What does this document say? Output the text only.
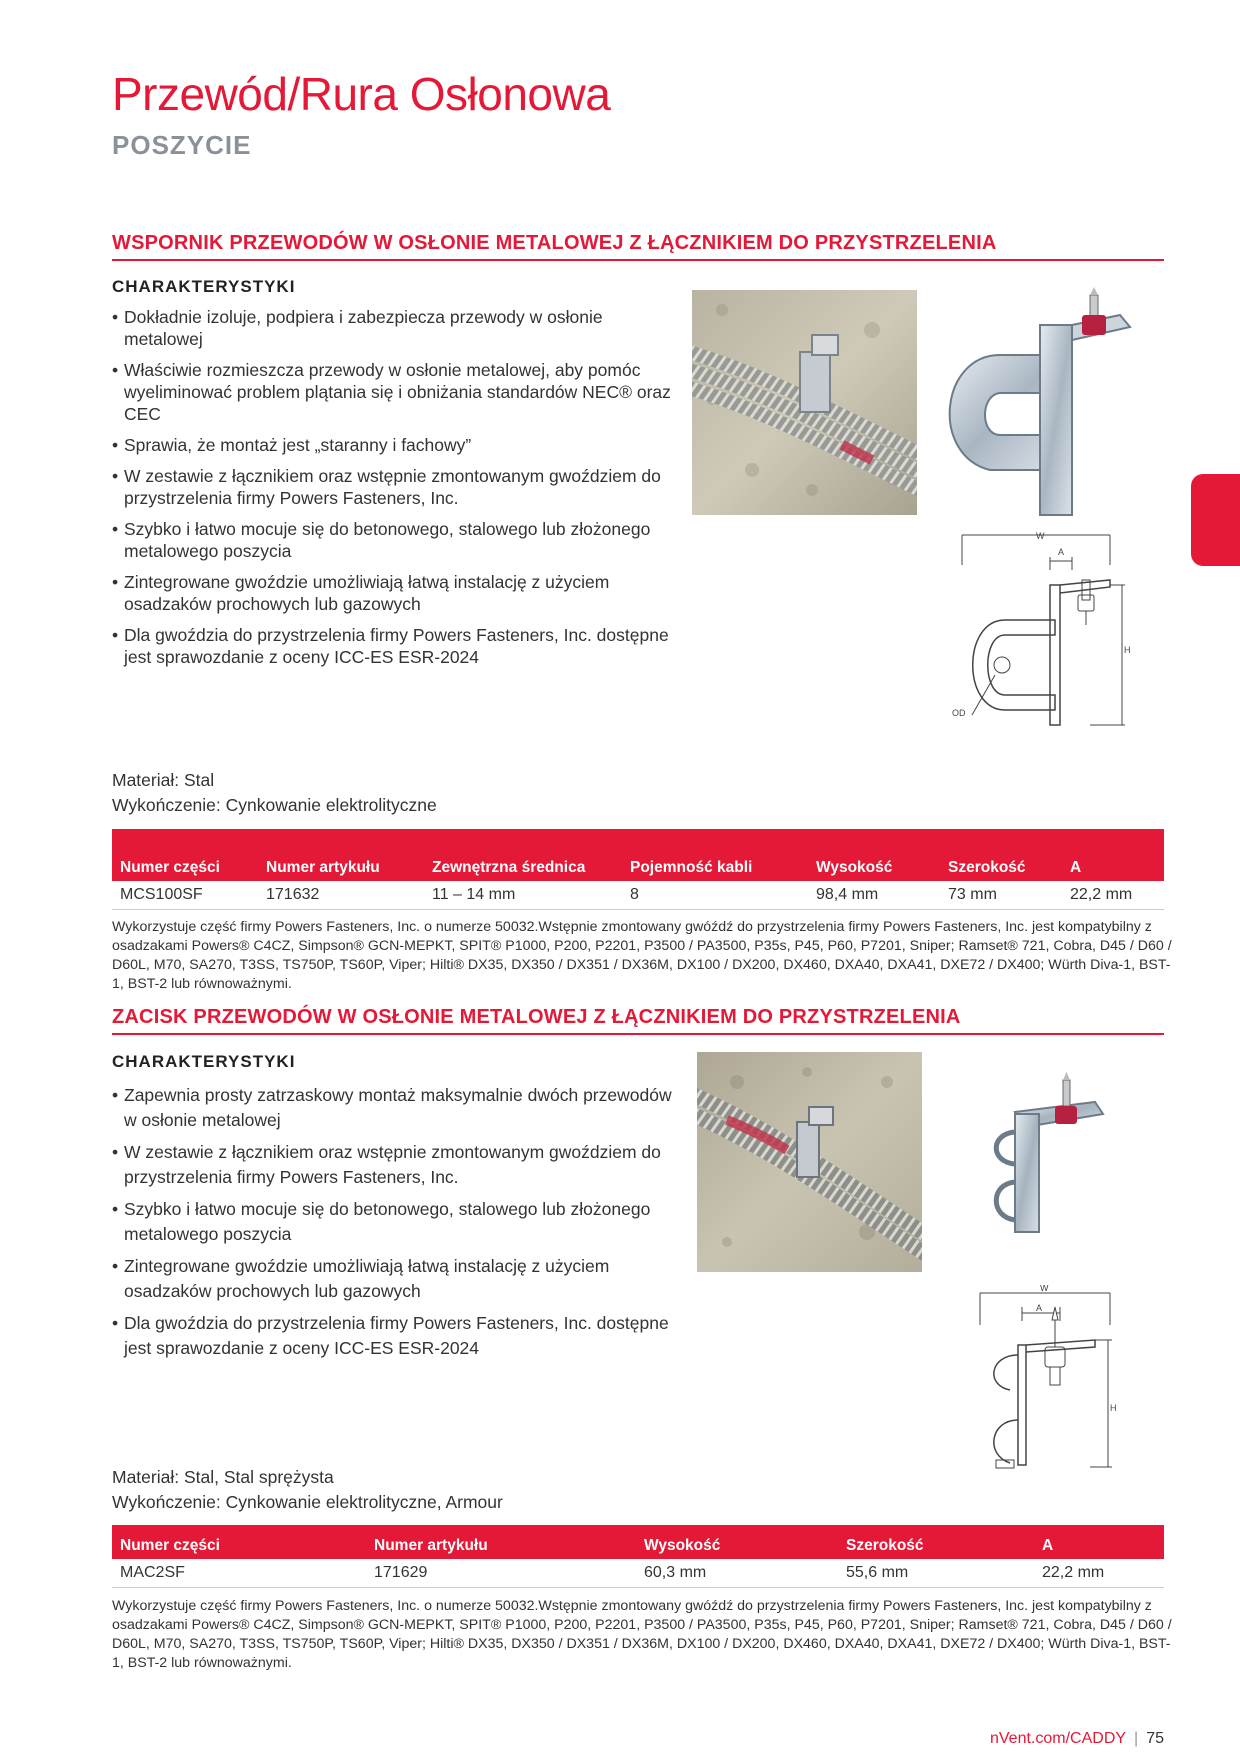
Przewód/Rura Osłonowa
POSZYCIE
WSPORNIK PRZEWODÓW W OSŁONIE METALOWEJ Z ŁĄCZNIKIEM DO PRZYSTRZELENIA
CHARAKTERYSTYKI
• Dokładnie izoluje, podpiera i zabezpiecza przewody w osłonie metalowej
• Właściwie rozmieszcza przewody w osłonie metalowej, aby pomóc wyeliminować problem plątania się i obniżania standardów NEC® oraz CEC
• Sprawia, że montaż jest „staranny i fachowy”
• W zestawie z łącznikiem oraz wstępnie zmontowanym gwoździem do przystrzelenia firmy Powers Fasteners, Inc.
• Szybko i łatwo mocuje się do betonowego, stalowego lub złożonego metalowego poszycia
• Zintegrowane gwoździe umożliwiają łatwą instalację z użyciem osadzaków prochowych lub gazowych
• Dla gwoździa do przystrzelenia firmy Powers Fasteners, Inc. dostępne jest sprawozdanie z oceny ICC-ES ESR-2024
W
A
H
OD
Materiał: Stal
Wykończenie: Cynkowanie elektrolityczne
Numer części	Numer artykułu	Zewnętrzna średnica	Pojemność kabli	Wysokość	Szerokość	A
MCS100SF	171632	11 – 14 mm	8	98,4 mm	73 mm	22,2 mm
Wykorzystuje część firmy Powers Fasteners, Inc. o numerze 50032.Wstępnie zmontowany gwóźdź do przystrzelenia firmy Powers Fasteners, Inc. jest kompatybilny z osadzakami Powers® C4CZ, Simpson® GCN-MEPKT, SPIT® P1000, P200, P2201, P3500 / PA3500, P35s, P45, P60, P7201, Sniper; Ramset® 721, Cobra, D45 / D60 / D60L, M70, SA270, T3SS, TS750P, TS60P, Viper; Hilti® DX35, DX350 / DX351 / DX36M, DX100 / DX200, DX460, DXA40, DXA41, DXE72 / DX400; Würth Diva-1, BST-1, BST-2 lub równoważnymi.
ZACISK PRZEWODÓW W OSŁONIE METALOWEJ Z ŁĄCZNIKIEM DO PRZYSTRZELENIA
CHARAKTERYSTYKI
• Zapewnia prosty zatrzaskowy montaż maksymalnie dwóch przewodów w osłonie metalowej
• W zestawie z łącznikiem oraz wstępnie zmontowanym gwoździem do przystrzelenia firmy Powers Fasteners, Inc.
• Szybko i łatwo mocuje się do betonowego, stalowego lub złożonego metalowego poszycia
• Zintegrowane gwoździe umożliwiają łatwą instalację z użyciem osadzaków prochowych lub gazowych
• Dla gwoździa do przystrzelenia firmy Powers Fasteners, Inc. dostępne jest sprawozdanie z oceny ICC-ES ESR-2024
W
A
H
Materiał: Stal, Stal sprężysta
Wykończenie: Cynkowanie elektrolityczne, Armour
Numer części	Numer artykułu	Wysokość	Szerokość	A
MAC2SF	171629	60,3 mm	55,6 mm	22,2 mm
Wykorzystuje część firmy Powers Fasteners, Inc. o numerze 50032.Wstępnie zmontowany gwóźdź do przystrzelenia firmy Powers Fasteners, Inc. jest kompatybilny z osadzakami Powers® C4CZ, Simpson® GCN-MEPKT, SPIT® P1000, P200, P2201, P3500 / PA3500, P35s, P45, P60, P7201, Sniper; Ramset® 721, Cobra, D45 / D60 / D60L, M70, SA270, T3SS, TS750P, TS60P, Viper; Hilti® DX35, DX350 / DX351 / DX36M, DX100 / DX200, DX460, DXA40, DXA41, DXE72 / DX400; Würth Diva-1, BST-1, BST-2 lub równoważnymi.
nVent.com/CADDY | 75
